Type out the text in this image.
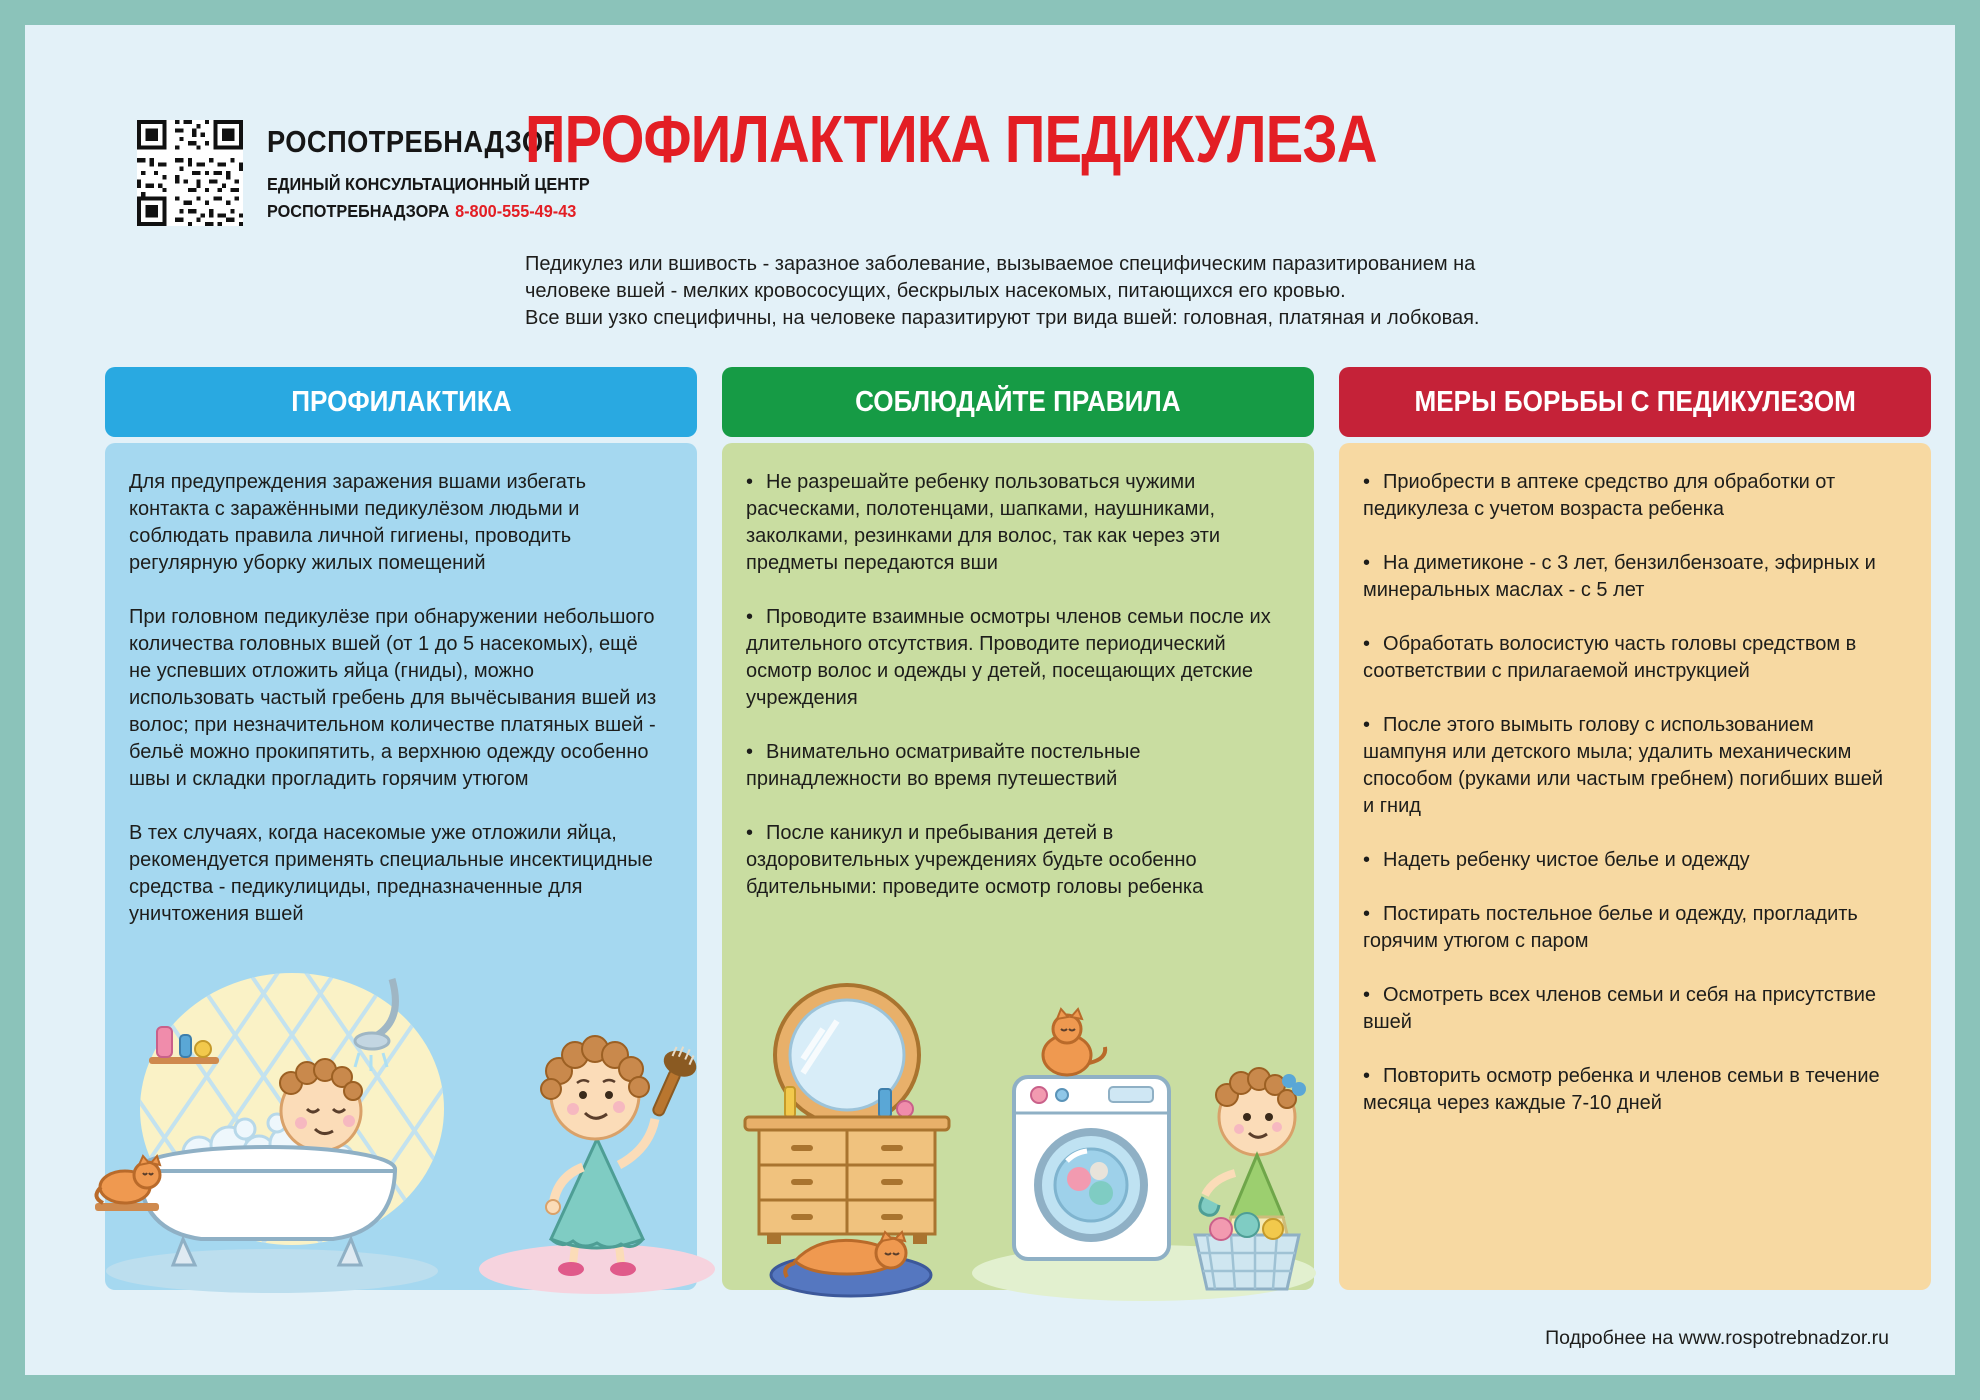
РОСПОТРЕБНАДЗОР
ЕДИНЫЙ КОНСУЛЬТАЦИОННЫЙ ЦЕНТР
РОСПОТРЕБНАДЗОРА 8-800-555-49-43
ПРОФИЛАКТИКА ПЕДИКУЛЕЗА
Педикулез или вшивость - заразное заболевание, вызываемое специфическим паразитированием на
человеке вшей - мелких кровососущих, бескрылых насекомых, питающихся его кровью.
Все вши узко специфичны, на человеке паразитируют три вида вшей: головная, платяная и лобковая.
ПРОФИЛАКТИКА

Для предупреждения заражения вшами избегать контакта с заражёнными педикулёзом людьми и соблюдать правила личной гигиены, проводить регулярную уборку жилых помещений

При головном педикулёзе при обнаружении небольшого количества головных вшей (от 1 до 5 насекомых), ещё не успевших отложить яйца (гниды), можно использовать частый гребень для вычёсывания вшей из волос; при незначительном количестве платяных вшей - бельё можно прокипятить, а верхнюю одежду особенно швы и складки прогладить горячим утюгом

В тех случаях, когда насекомые уже отложили яйца, рекомендуется применять специальные инсектицидные средства - педикулициды, предназначенные для уничтожения вшей

СОБЛЮДАЙТЕ ПРАВИЛА

• Не разрешайте ребенку пользоваться чужими расческами, полотенцами, шапками, наушниками, заколками, резинками для волос, так как через эти предметы передаются вши

• Проводите взаимные осмотры членов семьи после их длительного отсутствия. Проводите периодический осмотр волос и одежды у детей, посещающих детские учреждения

• Внимательно осматривайте постельные принадлежности во время путешествий

• После каникул и пребывания детей в оздоровительных учреждениях будьте особенно бдительными: проведите осмотр головы ребенка

МЕРЫ БОРЬБЫ С ПЕДИКУЛЕЗОМ

• Приобрести в аптеке средство для обработки от педикулеза с учетом возраста ребенка

• На диметиконе - с 3 лет, бензилбензоате, эфирных и минеральных маслах - с 5 лет

• Обработать волосистую часть головы средством в соответствии с прилагаемой инструкцией

• После этого вымыть голову с использованием шампуня или детского мыла; удалить механическим способом (руками или частым гребнем) погибших вшей и гнид

• Надеть ребенку чистое белье и одежду

• Постирать постельное белье и одежду, прогладить горячим утюгом с паром

• Осмотреть всех членов семьи и себя на присутствие вшей

• Повторить осмотр ребенка и членов семьи в течение месяца через каждые 7-10 дней

Подробнее на www.rospotrebnadzor.ru
